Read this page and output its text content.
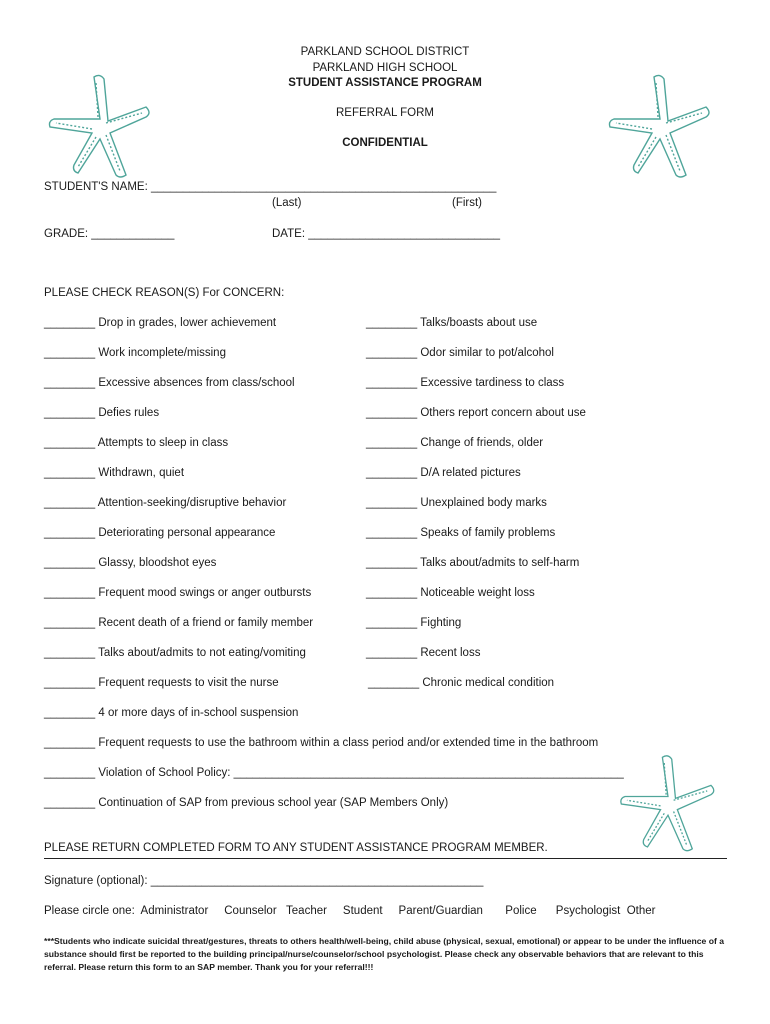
PARKLAND SCHOOL DISTRICT
PARKLAND HIGH SCHOOL
STUDENT ASSISTANCE PROGRAM
REFERRAL FORM
CONFIDENTIAL
STUDENT'S NAME: ______________________________________________________
(Last)	(First)
GRADE: _____________	DATE: ______________________________
PLEASE CHECK REASON(S) For CONCERN:
________ Drop in grades, lower achievement
________ Work incomplete/missing
________ Excessive absences from class/school
________ Defies rules
________ Attempts to sleep in class
________ Withdrawn, quiet
________ Attention-seeking/disruptive behavior
________ Deteriorating personal appearance
________ Glassy, bloodshot eyes
________ Frequent mood swings or anger outbursts
________ Recent death of a friend or family member
________ Talks about/admits to not eating/vomiting
________ Frequent requests to visit the nurse
________ Talks/boasts about use
________ Odor similar to pot/alcohol
________ Excessive tardiness to class
________ Others report concern about use
________ Change of friends, older
________ D/A related pictures
________ Unexplained body marks
________ Speaks of family problems
________ Talks about/admits to self-harm
________ Noticeable weight loss
________ Fighting
________ Recent loss
________ Chronic medical condition
________ 4 or more days of in-school suspension
________ Frequent requests to use the bathroom within a class period and/or extended time in the bathroom
________ Violation of School Policy: _____________________________________________________________
________ Continuation of SAP from previous school year (SAP Members Only)
PLEASE RETURN COMPLETED FORM TO ANY STUDENT ASSISTANCE PROGRAM MEMBER.
Signature (optional): ____________________________________________________
Please circle one:  Administrator     Counselor   Teacher     Student     Parent/Guardian       Police      Psychologist  Other
***Students who indicate suicidal threat/gestures, threats to others health/well-being, child abuse (physical, sexual, emotional) or appear to be under the influence of a substance should first be reported to the building principal/nurse/counselor/school psychologist. Please check any observable behaviors that are relevant to this referral. Please return this form to an SAP member. Thank you for your referral!!!
